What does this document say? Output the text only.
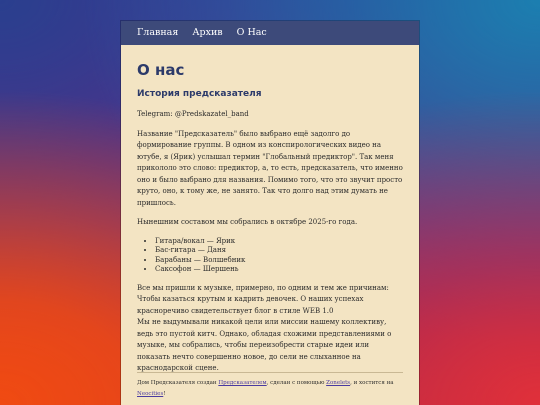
Главная Архив О Нас
О нас
История предсказателя

Telegram: @Predskazatel_band

Название "Предсказатель" было выбрано ещё задолго до формирование группы. В одном из конспирологических видео на ютубе, я (Ярик) услышал термин "Глобальный предиктор". Так меня прикололо это слово: предиктор, а, то есть, предсказатель, что именно оно и было выбрано для названия. Помимо того, что это звучит просто круто, оно, к тому же, не занято. Так что долго над этим думать не пришлось.

Нынешним составом мы собрались в октябре 2025-го года.

• Гитара/вокал — Ярик
• Бас-гитара — Даня
• Барабаны — Волшебник
• Саксофон — Шершень

Все мы пришли к музыке, примерно, по одним и тем же причинам: Чтобы казаться крутым и кадрить девочек. О наших успехах красноречиво свидетельствует блог в стиле WEB 1.0
Мы не выдумывали никакой цели или миссии нашему коллективу, ведь это пустой китч. Однако, обладая схожими представлениями о музыке, мы собрались, чтобы переизобрести старые идеи или показать нечто совершенно новое, до сели не слыханное на краснодарской сцене.

Дом Предсказателя создан Предсказателем, сделан с помощью Zonelets, и хостится на Neocities!
